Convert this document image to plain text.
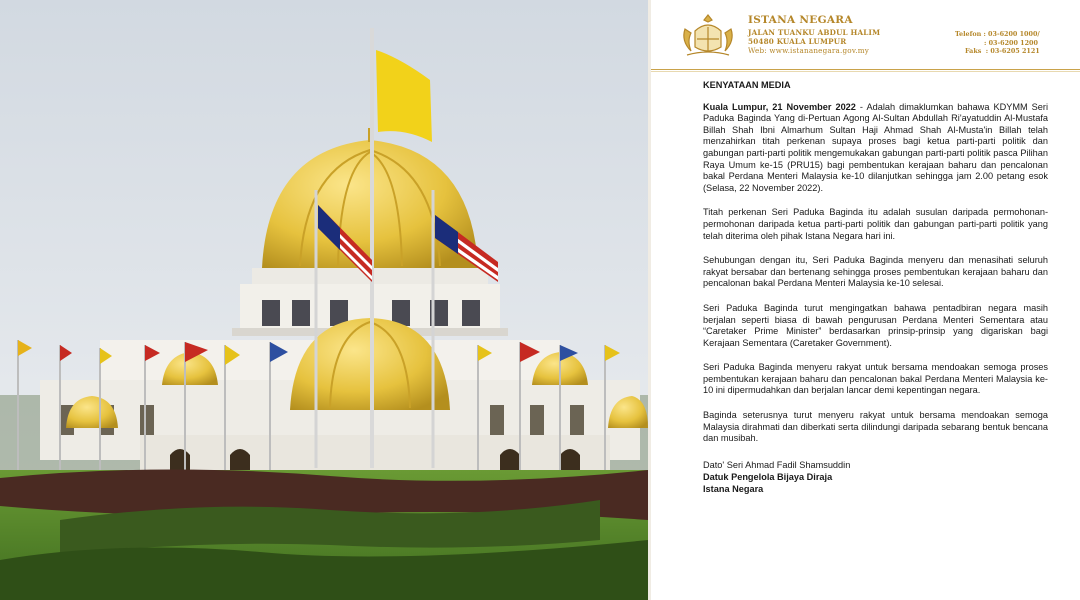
ISTANA NEGARA
JALAN TUANKU ABDUL HALIM
50480 KUALA LUMPUR
Web: www.istananegara.gov.my
Telefon : 03-6200 1000/
: 03-6200 1200
Faks  : 03-6205 2121
KENYATAAN MEDIA

Kuala Lumpur, 21 November 2022 - Adalah dimaklumkan bahawa KDYMM Seri Paduka Baginda Yang di-Pertuan Agong Al-Sultan Abdullah Ri'ayatuddin Al-Mustafa Billah Shah Ibni Almarhum Sultan Haji Ahmad Shah Al-Musta'in Billah telah menzahirkan titah perkenan supaya proses bagi ketua parti-parti politik dan gabungan parti-parti politik mengemukakan gabungan parti-parti politik pasca Pilihan Raya Umum ke-15 (PRU15) bagi pembentukan kerajaan baharu dan pencalonan bakal Perdana Menteri Malaysia ke-10 dilanjutkan sehingga jam 2.00 petang esok (Selasa, 22 November 2022).

Titah perkenan Seri Paduka Baginda itu adalah susulan daripada permohonan-permohonan daripada ketua parti-parti politik dan gabungan parti-parti politik yang telah diterima oleh pihak Istana Negara hari ini.

Sehubungan dengan itu, Seri Paduka Baginda menyeru dan menasihati seluruh rakyat bersabar dan bertenang sehingga proses pembentukan kerajaan baharu dan pencalonan bakal Perdana Menteri Malaysia ke-10 selesai.

Seri Paduka Baginda turut mengingatkan bahawa pentadbiran negara masih berjalan seperti biasa di bawah pengurusan Perdana Menteri Sementara atau “Caretaker Prime Minister” berdasarkan prinsip-prinsip yang digariskan bagi Kerajaan Sementara (Caretaker Government).

Seri Paduka Baginda menyeru rakyat untuk bersama mendoakan semoga proses pembentukan kerajaan baharu dan pencalonan bakal Perdana Menteri Malaysia ke-10 ini dipermudahkan dan berjalan lancar demi kepentingan negara.

Baginda seterusnya turut menyeru rakyat untuk bersama mendoakan semoga Malaysia dirahmati dan diberkati serta dilindungi daripada sebarang bentuk bencana dan musibah.

Dato' Seri Ahmad Fadil Shamsuddin
Datuk Pengelola Bijaya Diraja
Istana Negara
